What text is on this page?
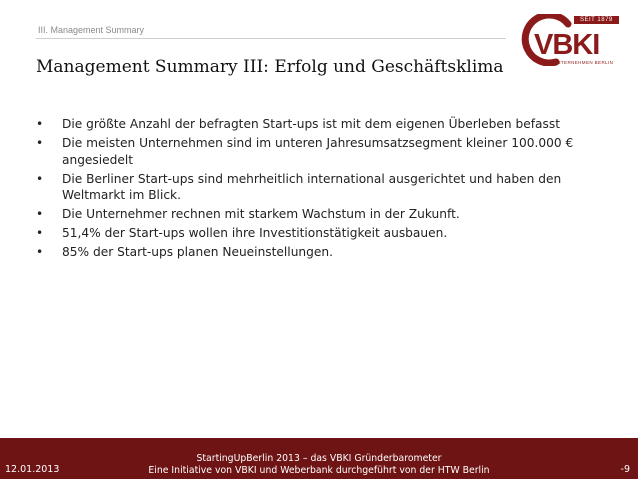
III. Management Summary
SEIT 1879
VBKI
WIR UNTERNEHMEN BERLIN
Management Summary III: Erfolg und Geschäftsklima
• Die größte Anzahl der befragten Start-ups ist mit dem eigenen Überleben befasst
• Die meisten Unternehmen sind im unteren Jahresumsatzsegment kleiner 100.000 € angesiedelt
• Die Berliner Start-ups sind mehrheitlich international ausgerichtet und haben den Weltmarkt im Blick.
• Die Unternehmer rechnen mit starkem Wachstum in der Zukunft.
• 51,4% der Start-ups wollen ihre Investitionstätigkeit ausbauen.
• 85% der Start-ups planen Neueinstellungen.
12.01.2013
StartingUpBerlin 2013 – das VBKI Gründerbarometer
Eine Initiative von VBKI und Weberbank durchgeführt von der HTW Berlin	-9
